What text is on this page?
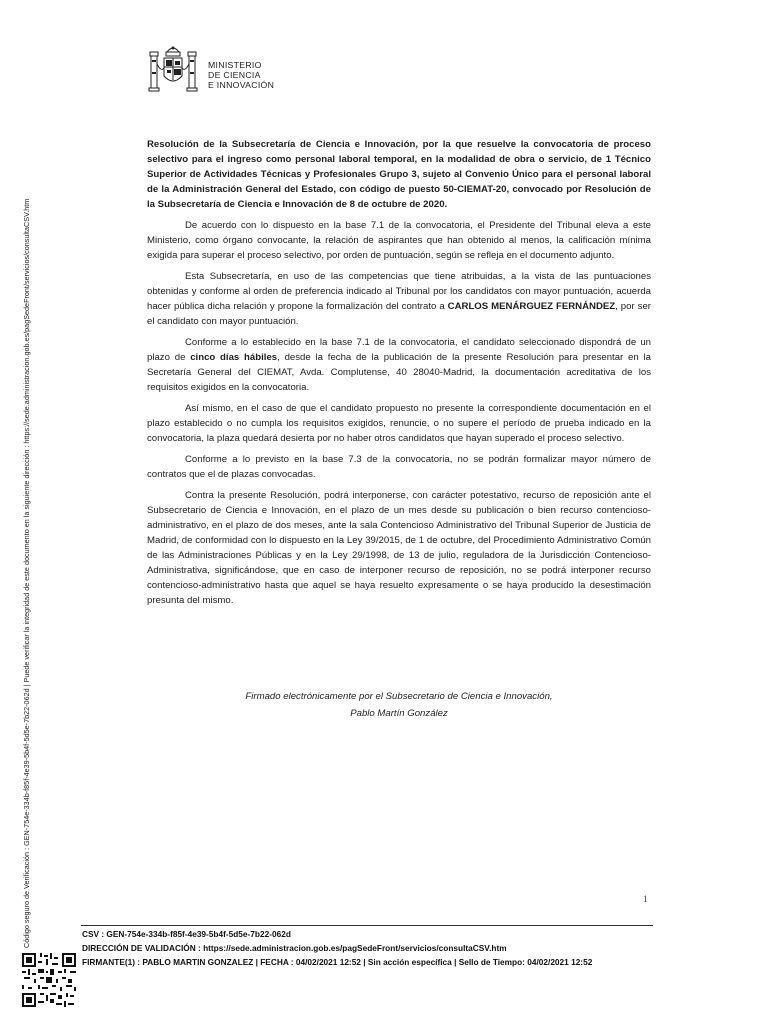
Código seguro de Verificación : GEN-754e-334b-f85f-4e39-5b4f-5d5e-7b22-062d | Puede verificar la integridad de este documento en la siguiente dirección : https://sede.administracion.gob.es/pagSedeFront/servicios/consultaCSV.htm
MINISTERIO
DE CIENCIA
E INNOVACIÓN

Resolución de la Subsecretaría de Ciencia e Innovación, por la que resuelve la convocatoria de proceso selectivo para el ingreso como personal laboral temporal, en la modalidad de obra o servicio, de 1 Técnico Superior de Actividades Técnicas y Profesionales Grupo 3, sujeto al Convenio Único para el personal laboral de la Administración General del Estado, con código de puesto 50-CIEMAT-20, convocado por Resolución de la Subsecretaría de Ciencia e Innovación de 8 de octubre de 2020.

De acuerdo con lo dispuesto en la base 7.1 de la convocatoria, el Presidente del Tribunal eleva a este Ministerio, como órgano convocante, la relación de aspirantes que han obtenido al menos, la calificación mínima exigida para superar el proceso selectivo, por orden de puntuación, según se refleja en el documento adjunto.

Esta Subsecretaría, en uso de las competencias que tiene atribuidas, a la vista de las puntuaciones obtenidas y conforme al orden de preferencia indicado al Tribunal por los candidatos con mayor puntuación, acuerda hacer pública dicha relación y propone la formalización del contrato a CARLOS MENÁRGUEZ FERNÁNDEZ, por ser el candidato con mayor puntuación.

Conforme a lo establecido en la base 7.1 de la convocatoria, el candidato seleccionado dispondrá de un plazo de cinco días hábiles, desde la fecha de la publicación de la presente Resolución para presentar en la Secretaría General del CIEMAT, Avda. Complutense, 40 28040-Madrid, la documentación acreditativa de los requisitos exigidos en la convocatoria.

Así mismo, en el caso de que el candidato propuesto no presente la correspondiente documentación en el plazo establecido o no cumpla los requisitos exigidos, renuncie, o no supere el período de prueba indicado en la convocatoria, la plaza quedará desierta por no haber otros candidatos que hayan superado el proceso selectivo.

Conforme a lo previsto en la base 7.3 de la convocatoria, no se podrán formalizar mayor número de contratos que el de plazas convocadas.

Contra la presente Resolución, podrá interponerse, con carácter potestativo, recurso de reposición ante el Subsecretario de Ciencia e Innovación, en el plazo de un mes desde su publicación o bien recurso contencioso-administrativo, en el plazo de dos meses, ante la sala Contencioso Administrativo del Tribunal Superior de Justicia de Madrid, de conformidad con lo dispuesto en la Ley 39/2015, de 1 de octubre, del Procedimiento Administrativo Común de las Administraciones Públicas y en la Ley 29/1998, de 13 de julio, reguladora de la Jurisdicción Contencioso-Administrativa, significándose, que en caso de interponer recurso de reposición, no se podrá interponer recurso contencioso-administrativo hasta que aquel se haya resuelto expresamente o se haya producido la desestimación presunta del mismo.

Firmado electrónicamente por el Subsecretario de Ciencia e Innovación,
Pablo Martín González
1
CSV : GEN-754e-334b-f85f-4e39-5b4f-5d5e-7b22-062d
DIRECCIÓN DE VALIDACIÓN : https://sede.administracion.gob.es/pagSedeFront/servicios/consultaCSV.htm
FIRMANTE(1) : PABLO MARTIN GONZALEZ | FECHA : 04/02/2021 12:52 | Sin acción específica | Sello de Tiempo: 04/02/2021 12:52
